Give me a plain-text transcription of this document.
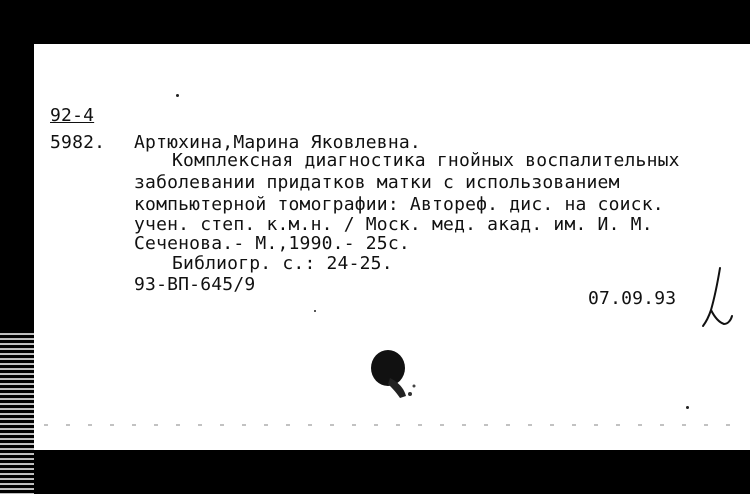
92-4
5982. Артюхина,Марина Яковлевна.
Комплексная диагностика гнойных воспалительных
заболевании придатков матки с использованием
компьютерной томографии: Автореф. дис. на соиск.
учен. степ. к.м.н. / Моск. мед. акад. им. И. М.
Сеченова.- М.,1990.- 25с.
Библиогр. с.: 24-25.
93-ВП-645/9
07.09.93
